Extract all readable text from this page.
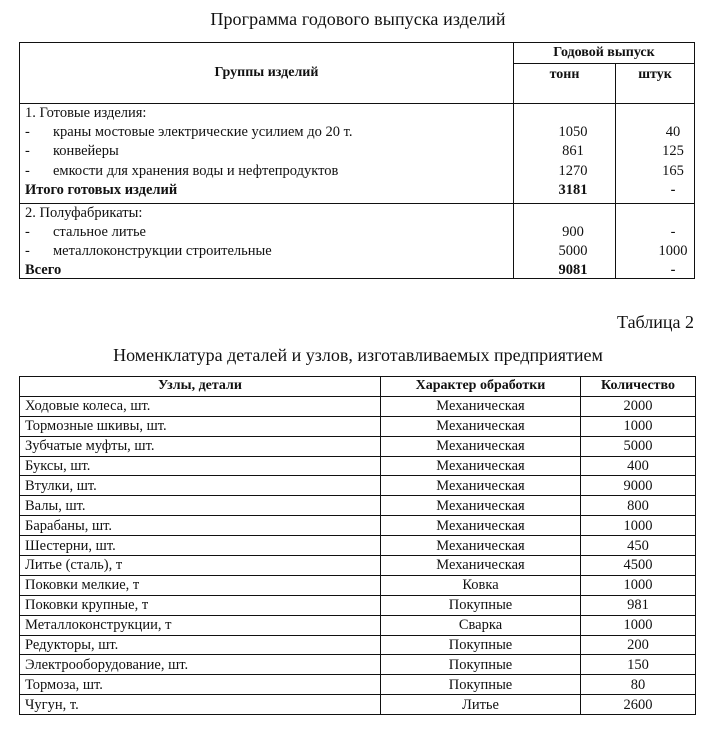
Программа годового выпуска изделий
Группы изделий
Годовой выпуск
тонн	штук
1. Готовые изделия:
- краны мостовые электрические усилием до 20 т.	1050	40
- конвейеры	861	125
- емкости для хранения воды и нефтепродуктов	1270	165
Итого готовых изделий	3181	-
2. Полуфабрикаты:
- стальное литье	900	-
- металлоконструкции строительные	5000	1000
Всего	9081	-
Таблица 2
Номенклатура деталей и узлов, изготавливаемых предприятием
Узлы, детали	Характер обработки	Количество
Ходовые колеса, шт.	Механическая	2000
Тормозные шкивы, шт.	Механическая	1000
Зубчатые муфты, шт.	Механическая	5000
Буксы, шт.	Механическая	400
Втулки, шт.	Механическая	9000
Валы, шт.	Механическая	800
Барабаны, шт.	Механическая	1000
Шестерни, шт.	Механическая	450
Литье (сталь), т	Механическая	4500
Поковки мелкие, т	Ковка	1000
Поковки крупные, т	Покупные	981
Металлоконструкции, т	Сварка	1000
Редукторы, шт.	Покупные	200
Электрооборудование, шт.	Покупные	150
Тормоза, шт.	Покупные	80
Чугун, т.	Литье	2600
